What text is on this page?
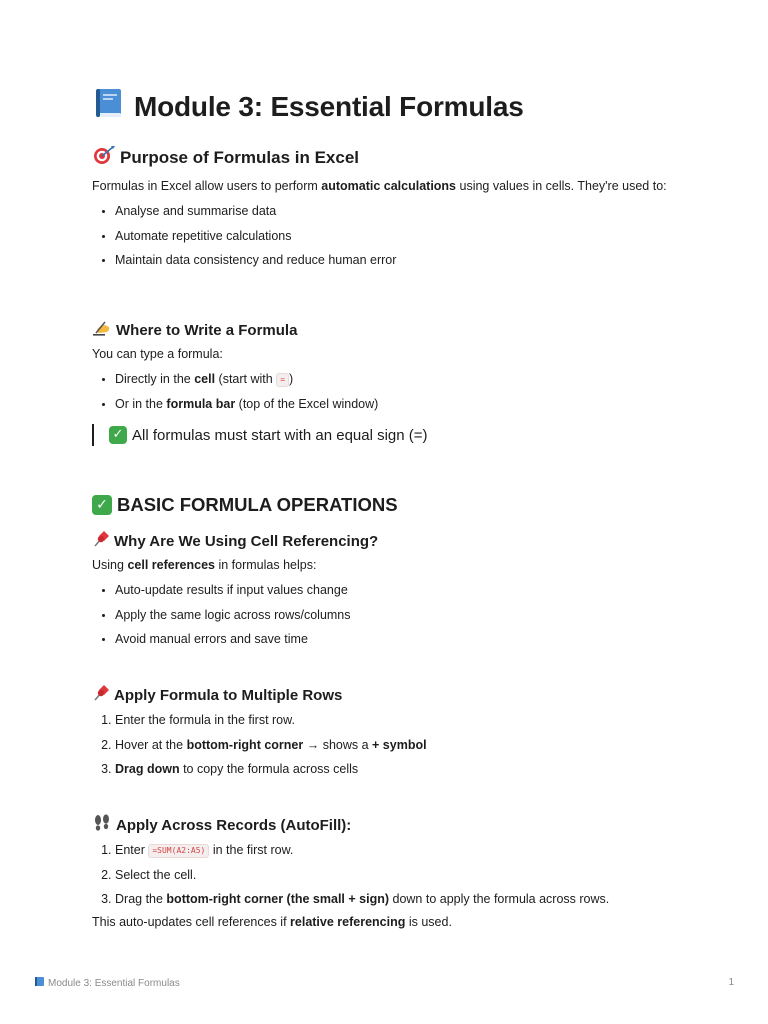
Module 3: Essential Formulas
Purpose of Formulas in Excel

Formulas in Excel allow users to perform automatic calculations using values in cells. They're used to:

• Analyse and summarise data
• Automate repetitive calculations
• Maintain data consistency and reduce human error
Where to Write a Formula

You can type a formula:

• Directly in the cell (start with = )
• Or in the formula bar (top of the Excel window)
✓ All formulas must start with an equal sign (=)
✓ BASIC FORMULA OPERATIONS
Why Are We Using Cell Referencing?

Using cell references in formulas helps:

• Auto-update results if input values change
• Apply the same logic across rows/columns
• Avoid manual errors and save time
Apply Formula to Multiple Rows
1. Enter the formula in the first row.
2. Hover at the bottom-right corner → shows a + symbol
3. Drag down to copy the formula across cells
Apply Across Records (AutoFill):
1. Enter =SUM(A2:A5) in the first row.
2. Select the cell.
3. Drag the bottom-right corner (the small + sign) down to apply the formula across rows.

This auto-updates cell references if relative referencing is used.

Module 3: Essential Formulas	1
